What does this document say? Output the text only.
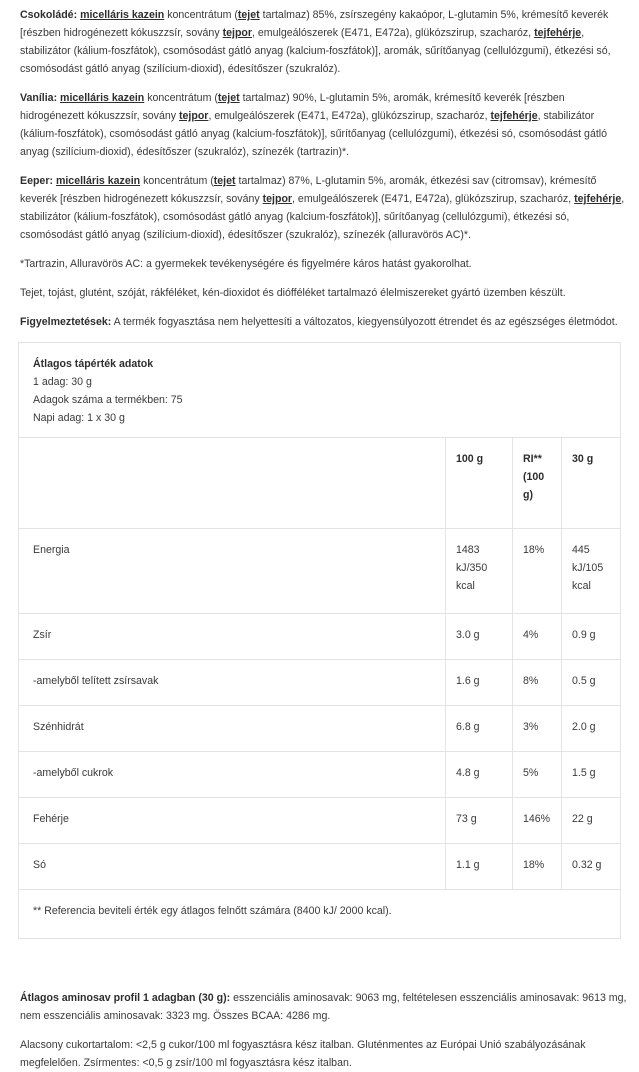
Csokoládé: micelláris kazein koncentrátum (tejet tartalmaz) 85%, zsírszegény kakaópor, L-glutamin 5%, krémesítő keverék [részben hidrogénezett kókuszzsír, sovány tejpor, emulgeálószerek (E471, E472a), glükózszirup, szacharóz, tejfehérje, stabilizátor (kálium-foszfátok), csomósodást gátló anyag (kalcium-foszfátok)], aromák, sűrítőanyag (cellulózgumi), étkezési só, csomósodást gátló anyag (szilícium-dioxid), édesítőszer (szukralóz).

Vanília: micelláris kazein koncentrátum (tejet tartalmaz) 90%, L-glutamin 5%, aromák, krémesítő keverék [részben hidrogénezett kókuszzsír, sovány tejpor, emulgeálószerek (E471, E472a), glükózszirup, szacharóz, tejfehérje, stabilizátor (kálium-foszfátok), csomósodást gátló anyag (kalcium-foszfátok)], sűrítőanyag (cellulózgumi), étkezési só, csomósodást gátló anyag (szilícium-dioxid), édesítőszer (szukralóz), színezék (tartrazin)*.

Eeper: micelláris kazein koncentrátum (tejet tartalmaz) 87%, L-glutamin 5%, aromák, étkezési sav (citromsav), krémesítő keverék [részben hidrogénezett kókuszzsír, sovány tejpor, emulgeálószerek (E471, E472a), glükózszirup, szacharóz, tejfehérje, stabilizátor (kálium-foszfátok), csomósodást gátló anyag (kalcium-foszfátok)], sűrítőanyag (cellulózgumi), étkezési só, csomósodást gátló anyag (szilícium-dioxid), édesítőszer (szukralóz), színezék (alluravörös AC)*.

*Tartrazin, Alluravörös AC: a gyermekek tevékenységére és figyelmére káros hatást gyakorolhat.

Tejet, tojást, glutént, szóját, rákféléket, kén-dioxidot és diófféléket tartalmazó élelmiszereket gyártó üzemben készült.

Figyelmeztetések: A termék fogyasztása nem helyettesíti a változatos, kiegyensúlyozott étrendet és az egészséges életmódot.

Átlagos tápérték adatok
1 adag: 30 g
Adagok száma a termékben: 75
Napi adag: 1 x 30 g
	100 g	RI** (100 g)	30 g
Energia	1483 kJ/350 kcal	18%	445 kJ/105 kcal
Zsír	3.0 g	4%	0.9 g
-amelyből telített zsírsavak	1.6 g	8%	0.5 g
Szénhidrát	6.8 g	3%	2.0 g
-amelyből cukrok	4.8 g	5%	1.5 g
Fehérje	73 g	146%	22 g
Só	1.1 g	18%	0.32 g
** Referencia beviteli érték egy átlagos felnőtt számára (8400 kJ/ 2000 kcal).

Átlagos aminosav profil 1 adagban (30 g): esszenciális aminosavak: 9063 mg, feltételesen esszenciális aminosavak: 9613 mg, nem esszenciális aminosavak: 3323 mg. Összes BCAA: 4286 mg.

Alacsony cukortartalom: <2,5 g cukor/100 ml fogyasztásra kész italban. Gluténmentes az Európai Unió szabályozásának megfelelően. Zsírmentes: <0,5 g zsír/100 ml fogyasztásra kész italban.
